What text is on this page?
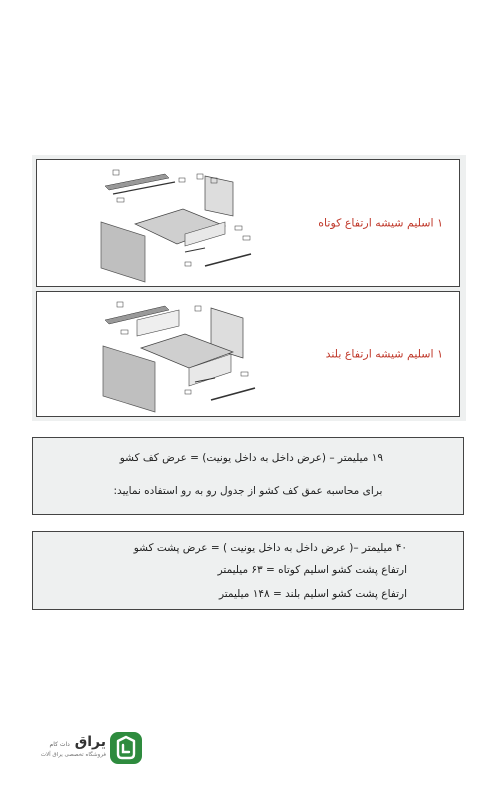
۱ اسلیم شیشه ارتفاع کوتاه
۱ اسلیم شیشه ارتفاع بلند
۱۹ میلیمتر – (عرض داخل به داخل یونیت) = عرض کف کشو
برای محاسبه عمق کف کشو از جدول رو به رو استفاده نمایید:
۴۰ میلیمتر –( عرض داخل به داخل یونیت ) = عرض پشت کشو
ارتفاع پشت کشو اسلیم کوتاه = ۶۳ میلیمتر
ارتفاع پشت کشو اسلیم بلند = ۱۴۸ میلیمتر
یراق دات کام
فروشگاه تخصصی یراق آلات
